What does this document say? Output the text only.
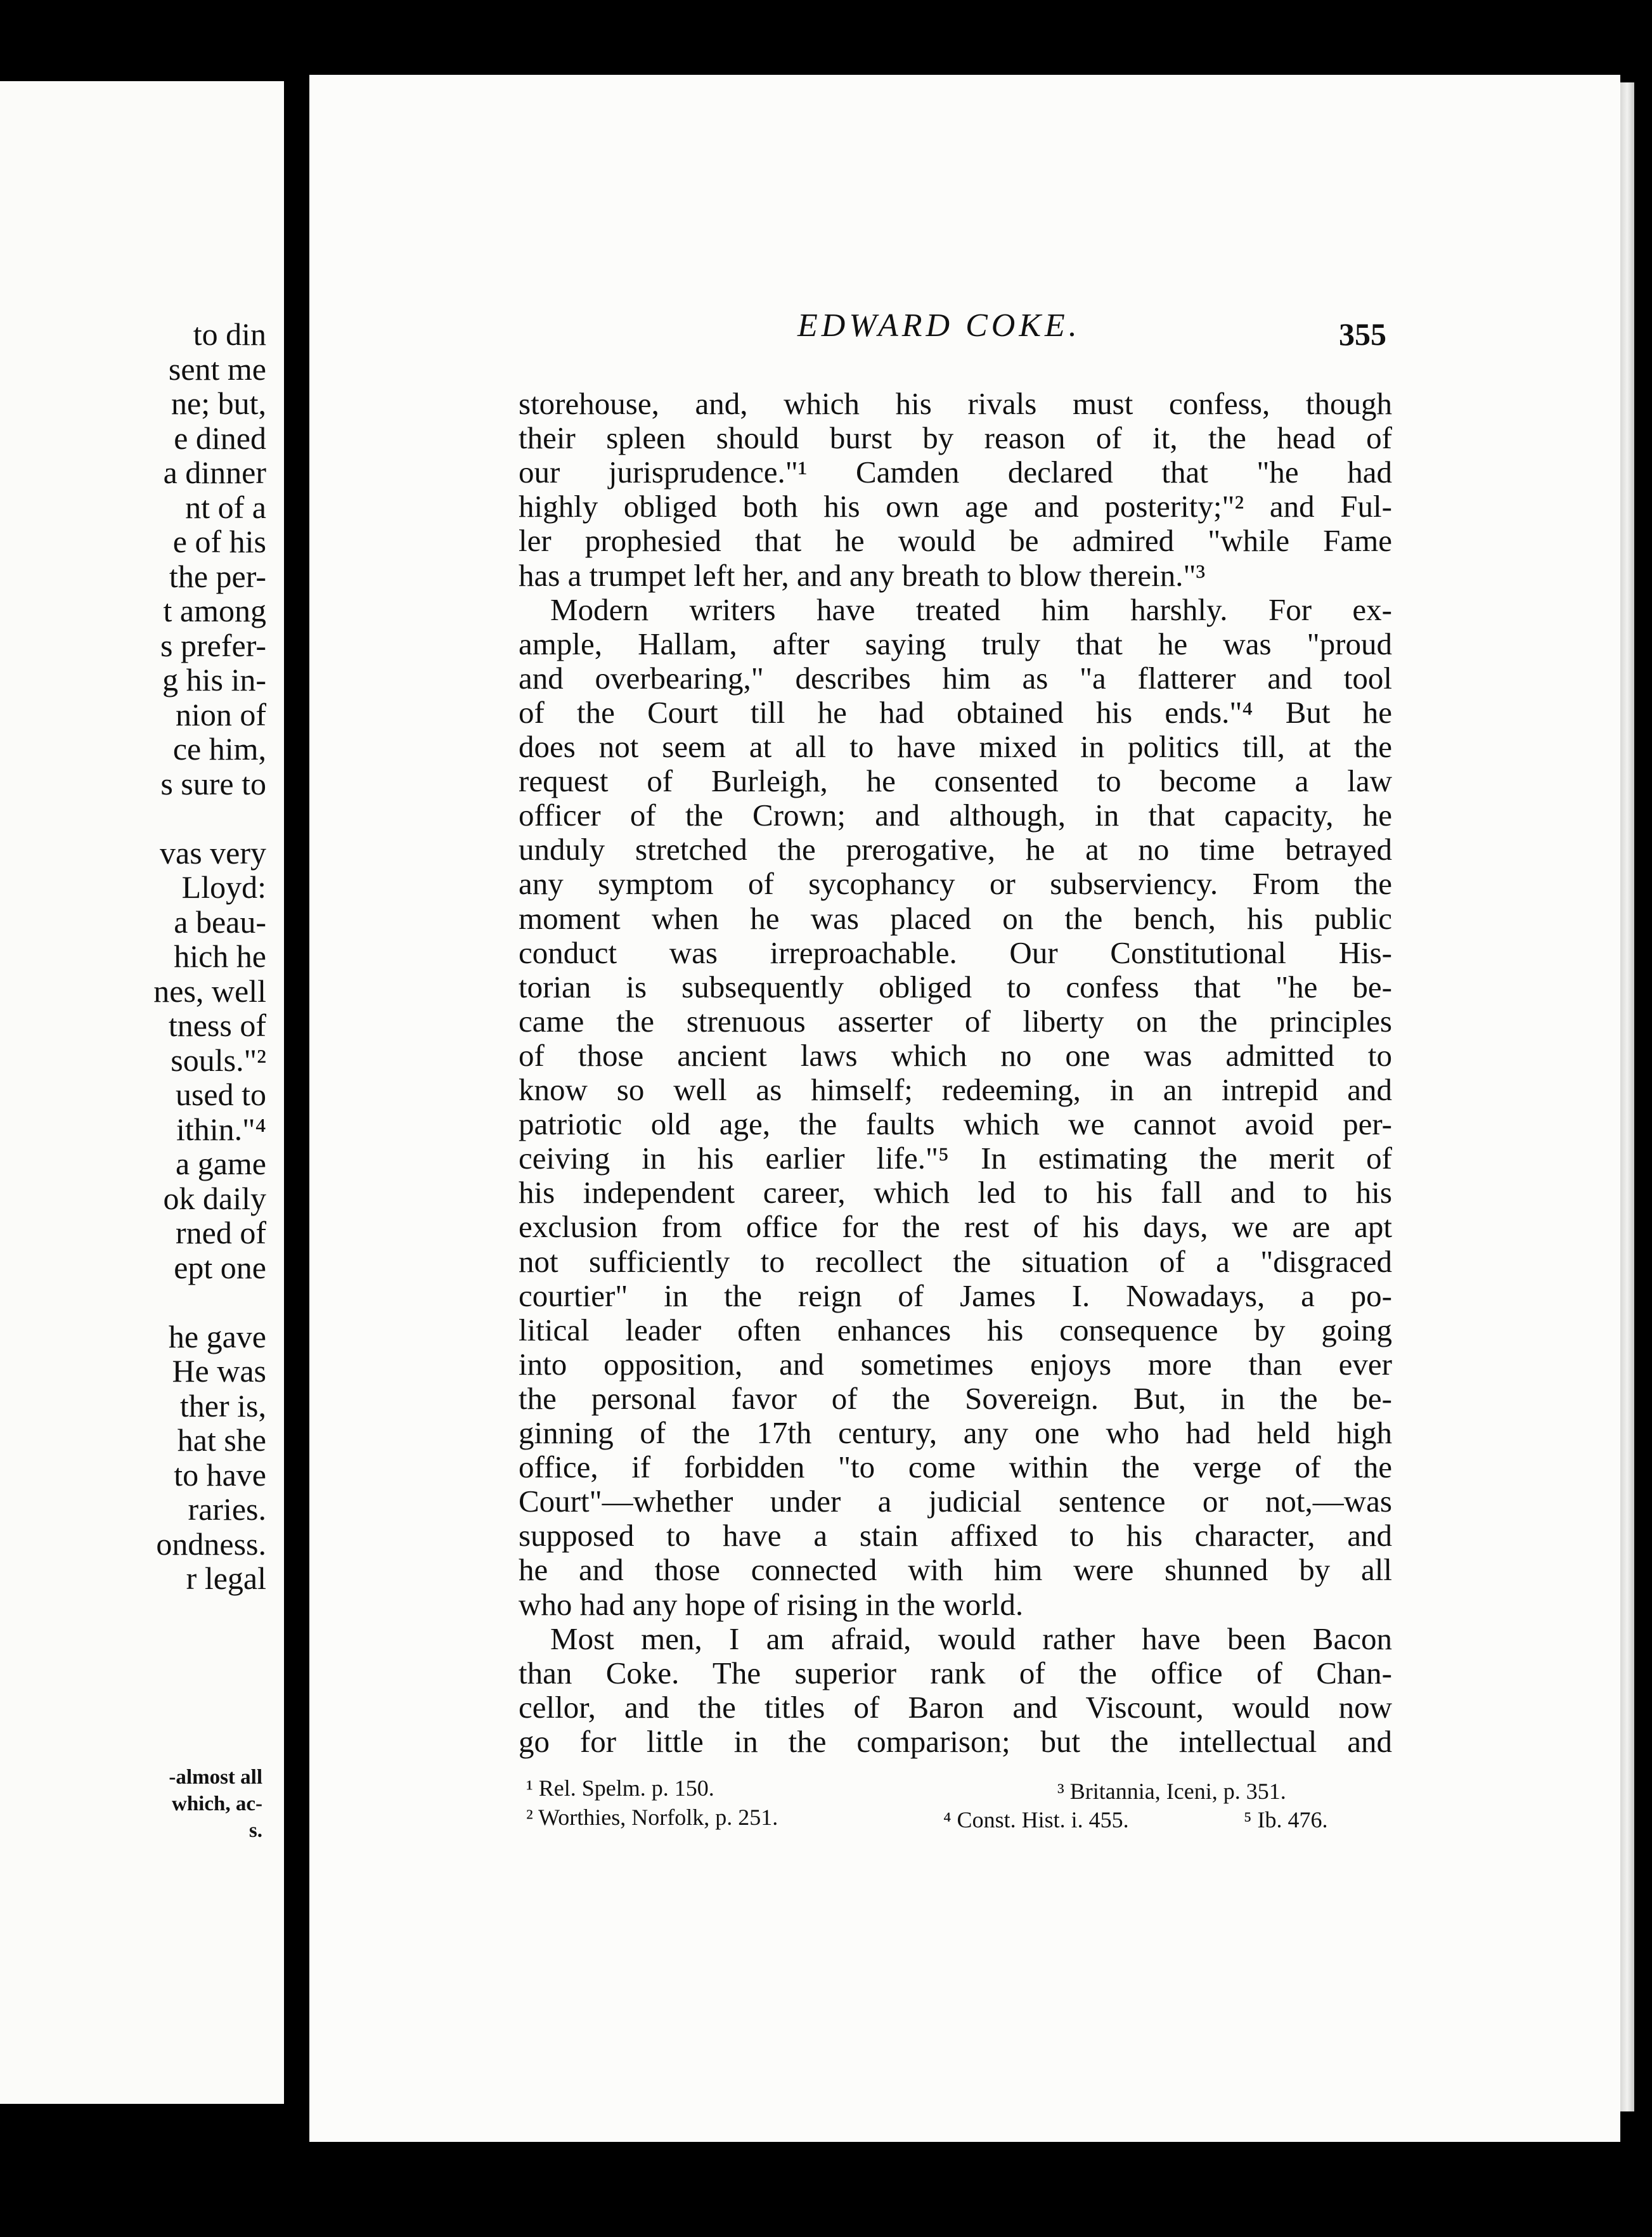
to din
sent me
ne; but,
e dined
a dinner
nt of a
e of his
the per-
t among
s prefer-
g his in-
nion of
ce him,
s sure to
vas very
Lloyd:
a beau-
hich he
nes, well
tness of
souls."²
used to
ithin."⁴
a game
ok daily
rned of
ept one
he gave
He was
ther is,
hat she
to have
raries.
ondness.
r legal
-almost all
which, ac-
s.
EDWARD COKE.	355
storehouse, and, which his rivals must confess, though
their spleen should burst by reason of it, the head of
our jurisprudence."¹ Camden declared that "he had
highly obliged both his own age and posterity;"² and Ful-
ler prophesied that he would be admired "while Fame
has a trumpet left her, and any breath to blow therein."³
Modern writers have treated him harshly. For ex-
ample, Hallam, after saying truly that he was "proud
and overbearing," describes him as "a flatterer and tool
of the Court till he had obtained his ends."⁴ But he
does not seem at all to have mixed in politics till, at the
request of Burleigh, he consented to become a law
officer of the Crown; and although, in that capacity, he
unduly stretched the prerogative, he at no time betrayed
any symptom of sycophancy or subserviency. From the
moment when he was placed on the bench, his public
conduct was irreproachable. Our Constitutional His-
torian is subsequently obliged to confess that "he be-
came the strenuous asserter of liberty on the principles
of those ancient laws which no one was admitted to
know so well as himself; redeeming, in an intrepid and
patriotic old age, the faults which we cannot avoid per-
ceiving in his earlier life."⁵ In estimating the merit of
his independent career, which led to his fall and to his
exclusion from office for the rest of his days, we are apt
not sufficiently to recollect the situation of a "disgraced
courtier" in the reign of James I. Nowadays, a po-
litical leader often enhances his consequence by going
into opposition, and sometimes enjoys more than ever
the personal favor of the Sovereign. But, in the be-
ginning of the 17th century, any one who had held high
office, if forbidden "to come within the verge of the
Court"—whether under a judicial sentence or not,—was
supposed to have a stain affixed to his character, and
he and those connected with him were shunned by all
who had any hope of rising in the world.
Most men, I am afraid, would rather have been Bacon
than Coke. The superior rank of the office of Chan-
cellor, and the titles of Baron and Viscount, would now
go for little in the comparison; but the intellectual and
¹ Rel. Spelm. p. 150.	³ Britannia, Iceni, p. 351.
² Worthies, Norfolk, p. 251.	⁴ Const. Hist. i. 455.	⁵ Ib. 476.
